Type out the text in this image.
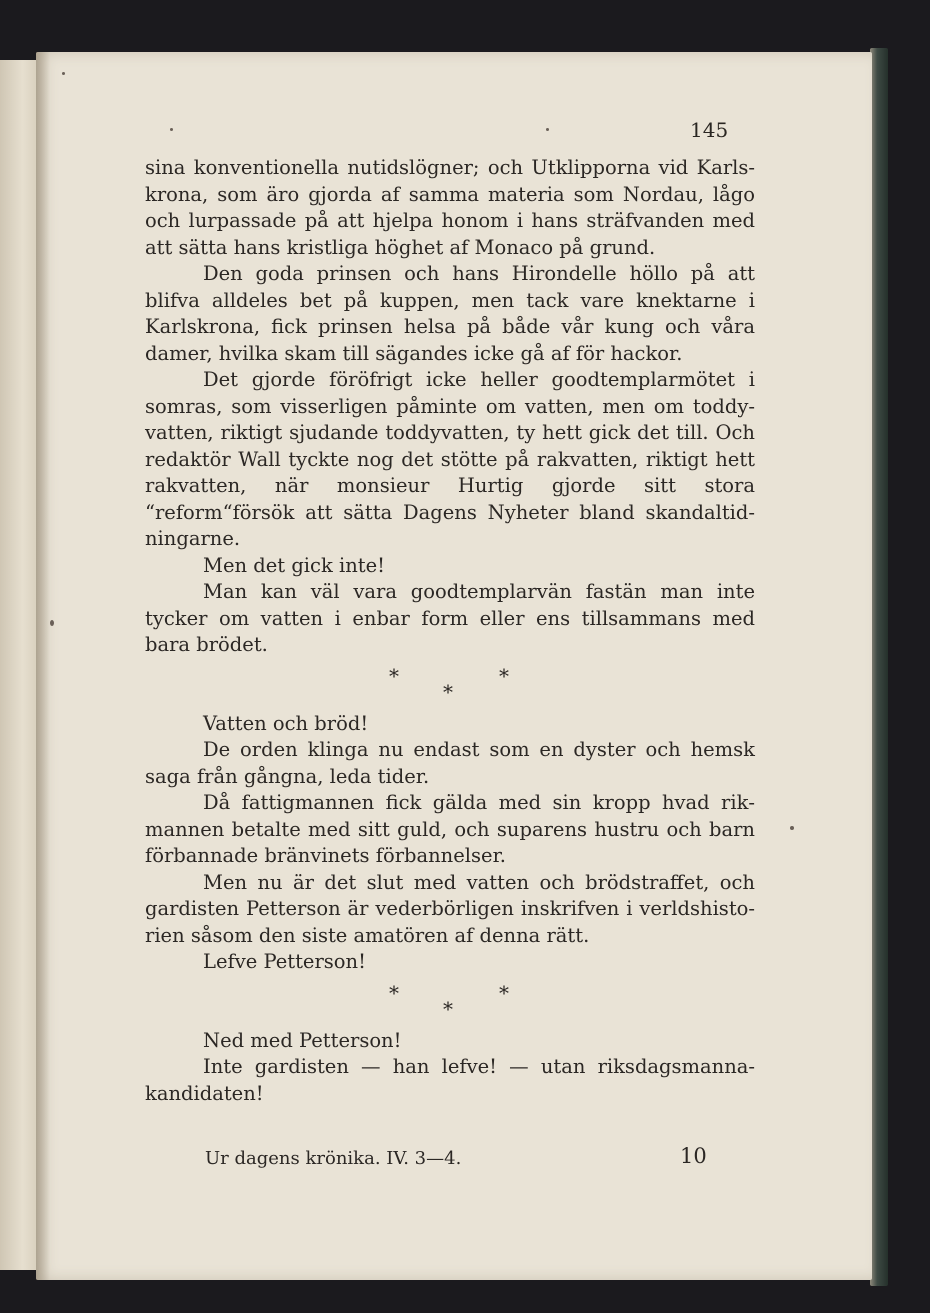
145

sina konventionella nutidslögner; och Utklipporna vid Karlskrona, som äro gjorda af samma materia som Nordau, lågo och lurpassade på att hjelpa honom i hans sträfvanden med att sätta hans kristliga höghet af Monaco på grund.

Den goda prinsen och hans Hirondelle höllo på att blifva alldeles bet på kuppen, men tack vare knektarne i Karlskrona, fick prinsen helsa på både vår kung och våra damer, hvilka skam till sägandes icke gå af för hackor.

Det gjorde föröfrigt icke heller goodtemplarmötet i somras, som visserligen påminte om vatten, men om toddyvatten, riktigt sjudande toddyvatten, ty hett gick det till. Och redaktör Wall tyckte nog det stötte på rakvatten, riktigt hett rakvatten, när monsieur Hurtig gjorde sitt stora “reform“försök att sätta Dagens Nyheter bland skandaltidningarne.

Men det gick inte!

Man kan väl vara goodtemplarvän fastän man inte tycker om vatten i enbar form eller ens tillsammans med bara brödet.

*
*
*

Vatten och bröd!

De orden klinga nu endast som en dyster och hemsk saga från gångna, leda tider.

Då fattigmannen fick gälda med sin kropp hvad rikmannen betalte med sitt guld, och suparens hustru och barn förbannade bränvinets förbannelser.

Men nu är det slut med vatten och brödstraffet, och gardisten Petterson är vederbörligen inskrifven i verldshistorien såsom den siste amatören af denna rätt.

Lefve Petterson!

*
*
*

Ned med Petterson!

Inte gardisten — han lefve! — utan riksdagsmannakandidaten!

Ur dagens krönika. IV. 3—4.	10
